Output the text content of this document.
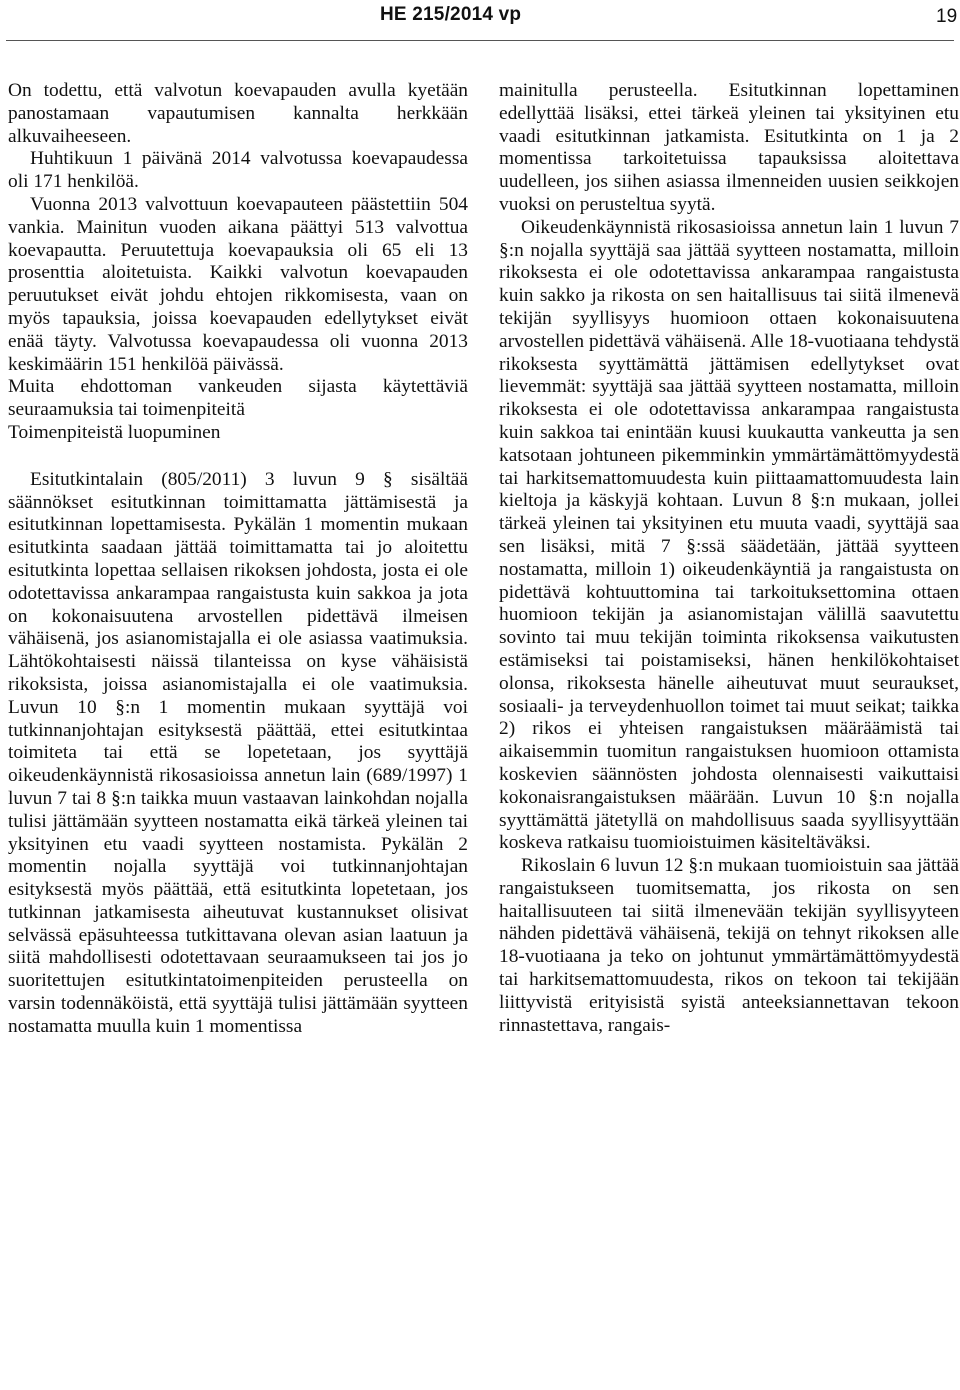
HE 215/2014 vp	19

On todettu, että valvotun koevapauden avulla kyetään panostamaan vapautumisen kannalta herkkään alkuvaiheeseen.

Huhtikuun 1 päivänä 2014 valvotussa koevapaudessa oli 171 henkilöä.

Vuonna 2013 valvottuun koevapauteen päästettiin 504 vankia. Mainitun vuoden aikana päättyi 513 valvottua koevapautta. Peruutettuja koevapauksia oli 65 eli 13 prosenttia aloitetuista. Kaikki valvotun koevapauden peruutukset eivät johdu ehtojen rikkomisesta, vaan on myös tapauksia, joissa koevapauden edellytykset eivät enää täyty. Valvotussa koevapaudessa oli vuonna 2013 keskimäärin 151 henkilöä päivässä.

Muita ehdottoman vankeuden sijasta käytettäviä seuraamuksia tai toimenpiteitä

Toimenpiteistä luopuminen

Esitutkintalain (805/2011) 3 luvun 9 § sisältää säännökset esitutkinnan toimittamatta jättämisestä ja esitutkinnan lopettamisesta. Pykälän 1 momentin mukaan esitutkinta saadaan jättää toimittamatta tai jo aloitettu esitutkinta lopettaa sellaisen rikoksen johdosta, josta ei ole odotettavissa ankarampaa rangaistusta kuin sakkoa ja jota on kokonaisuutena arvostellen pidettävä ilmeisen vähäisenä, jos asianomistajalla ei ole asiassa vaatimuksia. Lähtökohtaisesti näissä tilanteissa on kyse vähäisistä rikoksista, joissa asianomistajalla ei ole vaatimuksia. Luvun 10 §:n 1 momentin mukaan syyttäjä voi tutkinnanjohtajan esityksestä päättää, ettei esitutkintaa toimiteta tai että se lopetetaan, jos syyttäjä oikeudenkäynnistä rikosasioissa annetun lain (689/1997) 1 luvun 7 tai 8 §:n taikka muun vastaavan lainkohdan nojalla tulisi jättämään syytteen nostamatta eikä tärkeä yleinen tai yksityinen etu vaadi syytteen nostamista. Pykälän 2 momentin nojalla syyttäjä voi tutkinnanjohtajan esityksestä myös päättää, että esitutkinta lopetetaan, jos tutkinnan jatkamisesta aiheutuvat kustannukset olisivat selvässä epäsuhteessa tutkittavana olevan asian laatuun ja siitä mahdollisesti odotettavaan seuraamukseen tai jos jo suoritettujen esitutkintatoimenpiteiden perusteella on varsin todennäköistä, että syyttäjä tulisi jättämään syytteen nostamatta muulla kuin 1 momentissa

mainitulla perusteella. Esitutkinnan lopettaminen edellyttää lisäksi, ettei tärkeä yleinen tai yksityinen etu vaadi esitutkinnan jatkamista. Esitutkinta on 1 ja 2 momentissa tarkoitetuissa tapauksissa aloitettava uudelleen, jos siihen asiassa ilmenneiden uusien seikkojen vuoksi on perusteltua syytä.

Oikeudenkäynnistä rikosasioissa annetun lain 1 luvun 7 §:n nojalla syyttäjä saa jättää syytteen nostamatta, milloin rikoksesta ei ole odotettavissa ankarampaa rangaistusta kuin sakko ja rikosta on sen haitallisuus tai siitä ilmenevä tekijän syyllisyys huomioon ottaen kokonaisuutena arvostellen pidettävä vähäisenä. Alle 18-vuotiaana tehdystä rikoksesta syyttämättä jättämisen edellytykset ovat lievemmät: syyttäjä saa jättää syytteen nostamatta, milloin rikoksesta ei ole odotettavissa ankarampaa rangaistusta kuin sakkoa tai enintään kuusi kuukautta vankeutta ja sen katsotaan johtuneen pikemminkin ymmärtämättömyydestä tai harkitsemattomuudesta kuin piittaamattomuudesta lain kieltoja ja käskyjä kohtaan. Luvun 8 §:n mukaan, jollei tärkeä yleinen tai yksityinen etu muuta vaadi, syyttäjä saa sen lisäksi, mitä 7 §:ssä säädetään, jättää syytteen nostamatta, milloin 1) oikeudenkäyntiä ja rangaistusta on pidettävä kohtuuttomina tai tarkoituksettomina ottaen huomioon tekijän ja asianomistajan välillä saavutettu sovinto tai muu tekijän toiminta rikoksensa vaikutusten estämiseksi tai poistamiseksi, hänen henkilökohtaiset olonsa, rikoksesta hänelle aiheutuvat muut seuraukset, sosiaali- ja terveydenhuollon toimet tai muut seikat; taikka 2) rikos ei yhteisen rangaistuksen määräämistä tai aikaisemmin tuomitun rangaistuksen huomioon ottamista koskevien säännösten johdosta olennaisesti vaikuttaisi kokonaisrangaistuksen määrään. Luvun 10 §:n nojalla syyttämättä jätetyllä on mahdollisuus saada syyllisyyttään koskeva ratkaisu tuomioistuimen käsiteltäväksi.

Rikoslain 6 luvun 12 §:n mukaan tuomioistuin saa jättää rangaistukseen tuomitsematta, jos rikosta on sen haitallisuuteen tai siitä ilmenevään tekijän syyllisyyteen nähden pidettävä vähäisenä, tekijä on tehnyt rikoksen alle 18-vuotiaana ja teko on johtunut ymmärtämättömyydestä tai harkitsemattomuudesta, rikos on tekoon tai tekijään liittyvistä erityisistä syistä anteeksiannettavan tekoon rinnastettava, rangais-
